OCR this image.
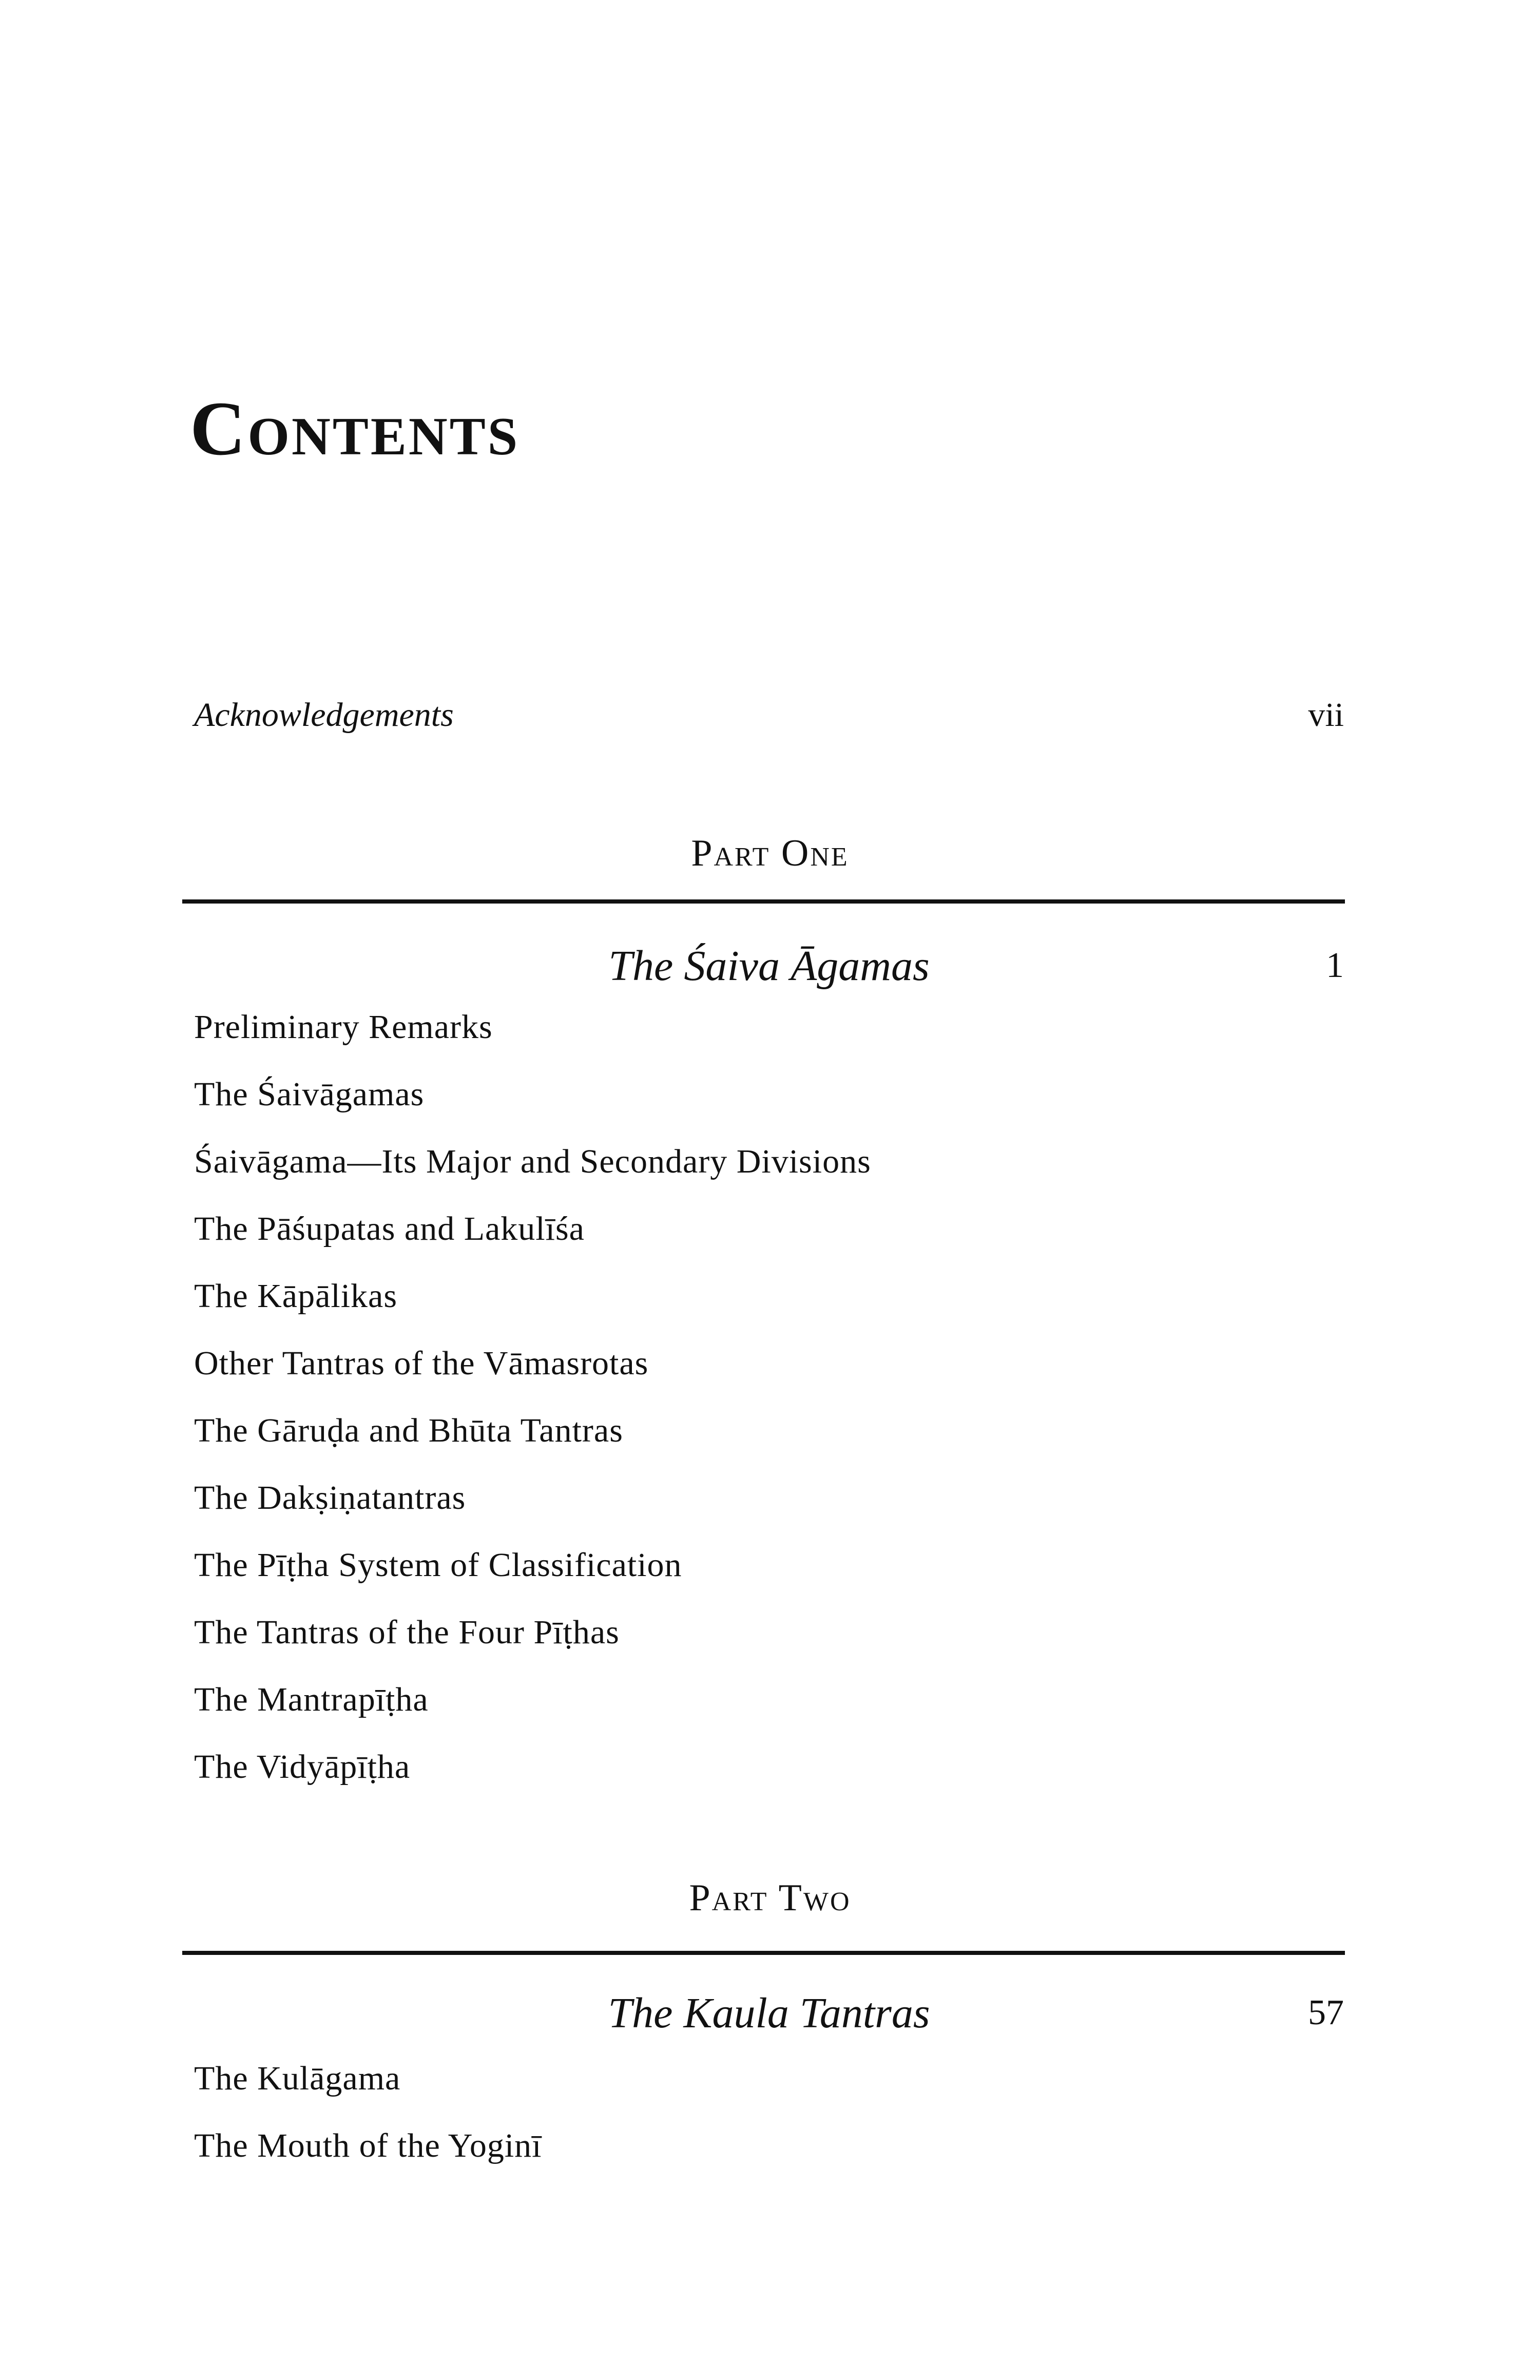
Contents
Acknowledgements	vii
Part One
The Śaiva Āgamas	1
Preliminary Remarks
The Śaivāgamas
Śaivāgama—Its Major and Secondary Divisions
The Pāśupatas and Lakulīśa
The Kāpālikas
Other Tantras of the Vāmasrotas
The Gāruḍa and Bhūta Tantras
The Dakṣiṇatantras
The Pīṭha System of Classification
The Tantras of the Four Pīṭhas
The Mantrapīṭha
The Vidyāpīṭha
Part Two
The Kaula Tantras	57
The Kulāgama
The Mouth of the Yoginī
